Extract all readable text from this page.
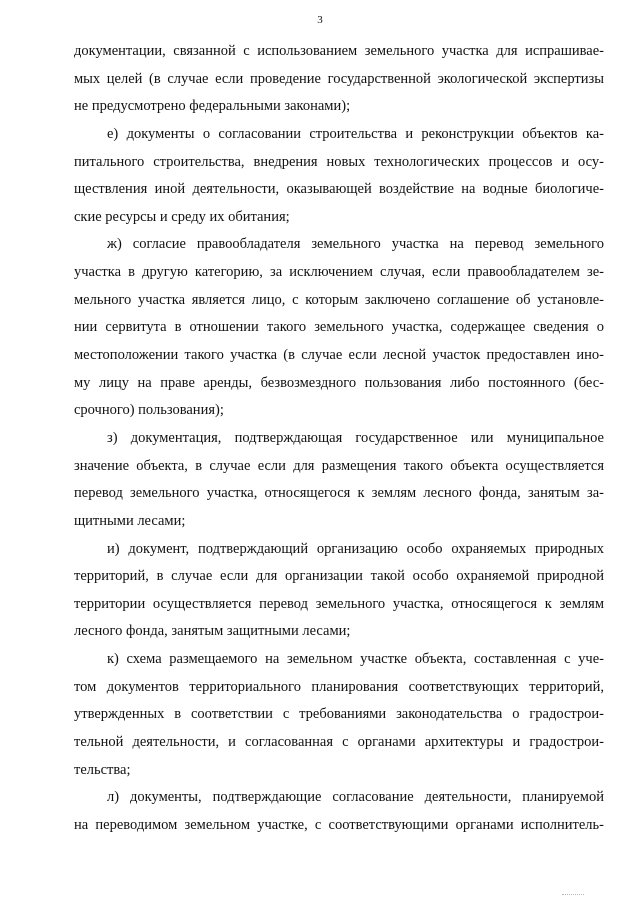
3
документации, связанной с использованием земельного участка для испрашивае-
мых целей (в случае если проведение государственной экологической экспертизы
не предусмотрено федеральными законами);
е) документы о согласовании строительства и реконструкции объектов ка-
питального строительства, внедрения новых технологических процессов и осу-
ществления иной деятельности, оказывающей воздействие на водные биологиче-
ские ресурсы и среду их обитания;
ж) согласие правообладателя земельного участка на перевод земельного
участка в другую категорию, за исключением случая, если правообладателем зе-
мельного участка является лицо, с которым заключено соглашение об установле-
нии сервитута в отношении такого земельного участка, содержащее сведения о
местоположении такого участка (в случае если лесной участок предоставлен ино-
му лицу на праве аренды, безвозмездного пользования либо постоянного (бес-
срочного) пользования);
з) документация, подтверждающая государственное или муниципальное
значение объекта, в случае если для размещения такого объекта осуществляется
перевод земельного участка, относящегося к землям лесного фонда, занятым за-
щитными лесами;
и) документ, подтверждающий организацию особо охраняемых природных
территорий, в случае если для организации такой особо охраняемой природной
территории осуществляется перевод земельного участка, относящегося к землям
лесного фонда, занятым защитными лесами;
к) схема размещаемого на земельном участке объекта, составленная с уче-
том документов территориального планирования соответствующих территорий,
утвержденных в соответствии с требованиями законодательства о градострои-
тельной деятельности, и согласованная с органами архитектуры и градострои-
тельства;
л) документы, подтверждающие согласование деятельности, планируемой
на переводимом земельном участке, с соответствующими органами исполнитель-
